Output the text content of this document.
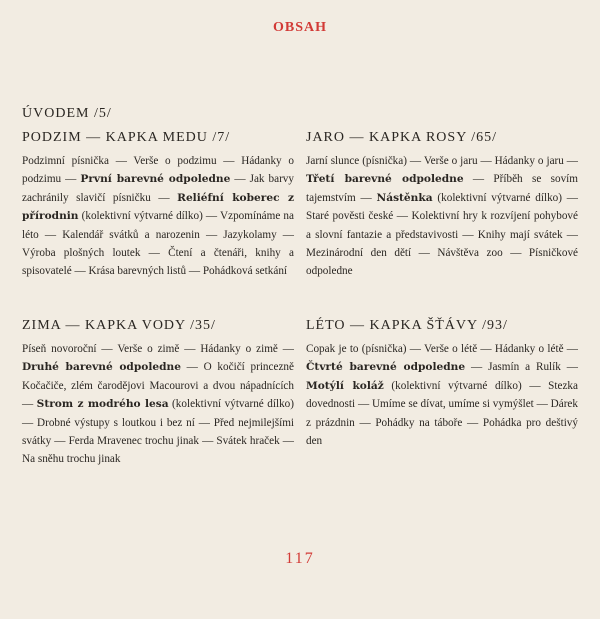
OBSAH
ÚVODEM /5/
PODZIM — KAPKA MEDU /7/
Podzimní písnička — Verše o podzimu — Hádanky o podzimu — První barevné odpoledne — Jak barvy zachránily slavičí písničku — Reliéfní koberec z přírodnin (kolektivní výtvarné dílko) — Vzpomínáme na léto — Kalendář svátků a narozenin — Jazykolamy — Výroba plošných loutek — Čtení a čtenáři, knihy a spisovatelé — Krása barevných listů — Pohádková setkání
JARO — KAPKA ROSY /65/
Jarní slunce (písnička) — Verše o jaru — Hádanky o jaru — Třetí barevné odpoledne — Příběh se sovím tajemstvím — Nástěnka (kolektivní výtvarné dílko) — Staré pověsti české — Kolektivní hry k rozvíjení pohybové a slovní fantazie a představivosti — Knihy mají svátek — Mezinárodní den dětí — Návštěva zoo — Písničkové odpoledne
ZIMA — KAPKA VODY /35/
Píseň novoroční — Verše o zimě — Hádanky o zimě — Druhé barevné odpoledne — O kočičí princezně Kočačiče, zlém čarodějovi Macourovi a dvou nápadnících — Strom z modrého lesa (kolektivní výtvarné dílko) — Drobné výstupy s loutkou i bez ní — Před nejmilejšími svátky — Ferda Mravenec trochu jinak — Svátek hraček — Na sněhu trochu jinak
LÉTO — KAPKA ŠŤÁVY /93/
Copak je to (písnička) — Verše o létě — Hádanky o létě — Čtvrté barevné odpoledne — Jasmín a Rulík — Motýlí koláž (kolektivní výtvarné dílko) — Stezka dovednosti — Umíme se dívat, umíme si vymýšlet — Dárek z prázdnin — Pohádky na táboře — Pohádka pro deštivý den
117
